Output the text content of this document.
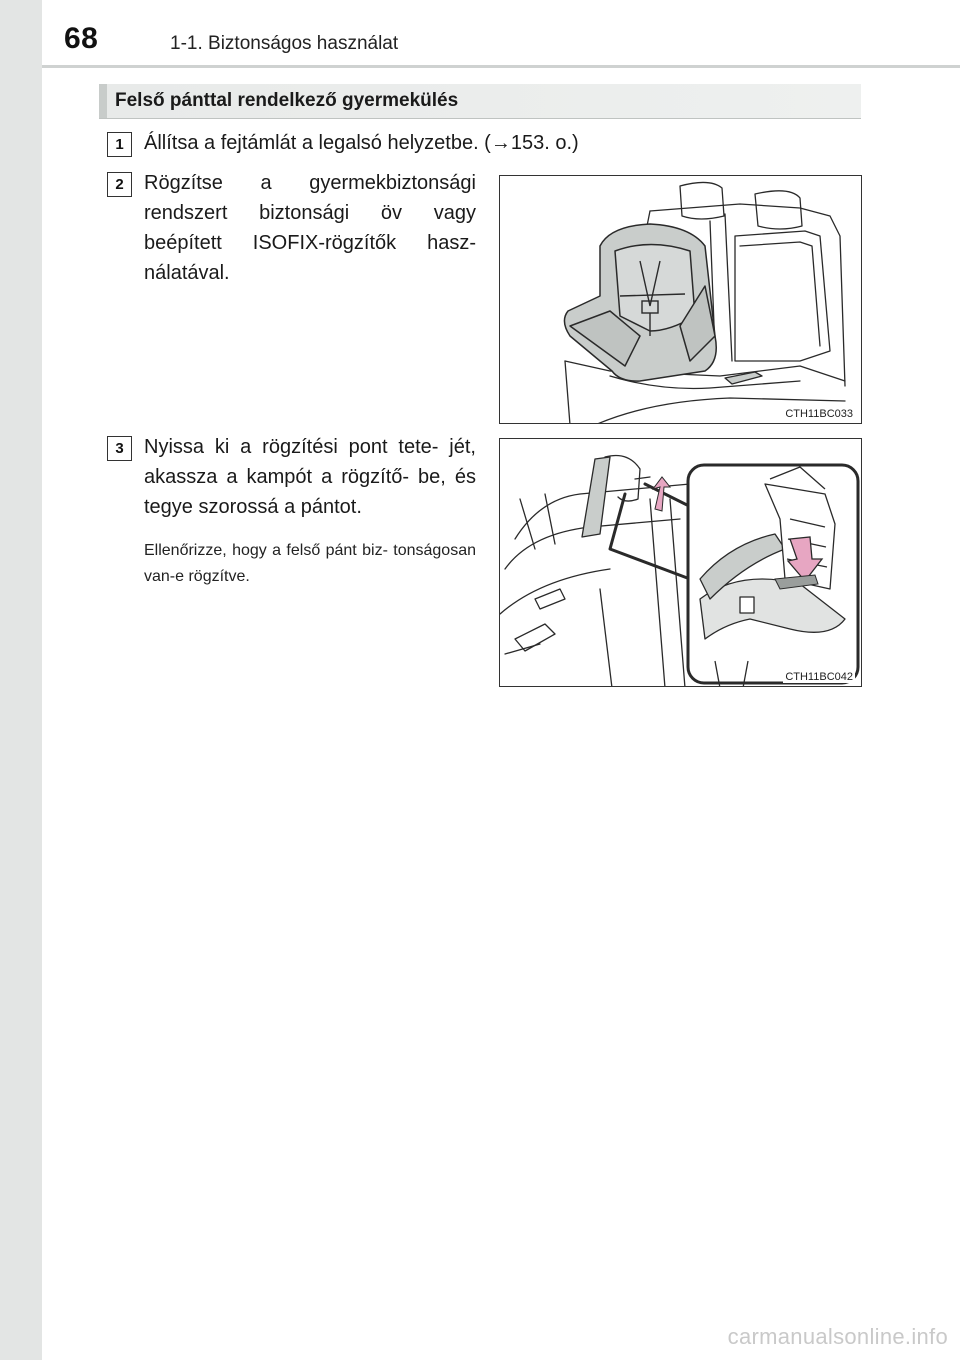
68	1-1. Biztonságos használat
Felső pánttal rendelkező gyermekülés
1	Állítsa a fejtámlát a legalsó helyzetbe. (→153. o.)
2	Rögzítse a gyermekbiztonsági rendszert biztonsági öv vagy beépített ISOFIX-rögzítők hasz- nálatával.
CTH11BC033
3	Nyissa ki a rögzítési pont tete- jét, akassza a kampót a rögzítő- be, és tegye szorossá a pántot.
Ellenőrizze, hogy a felső pánt biz- tonságosan van-e rögzítve.
CTH11BC042
carmanualsonline.info
